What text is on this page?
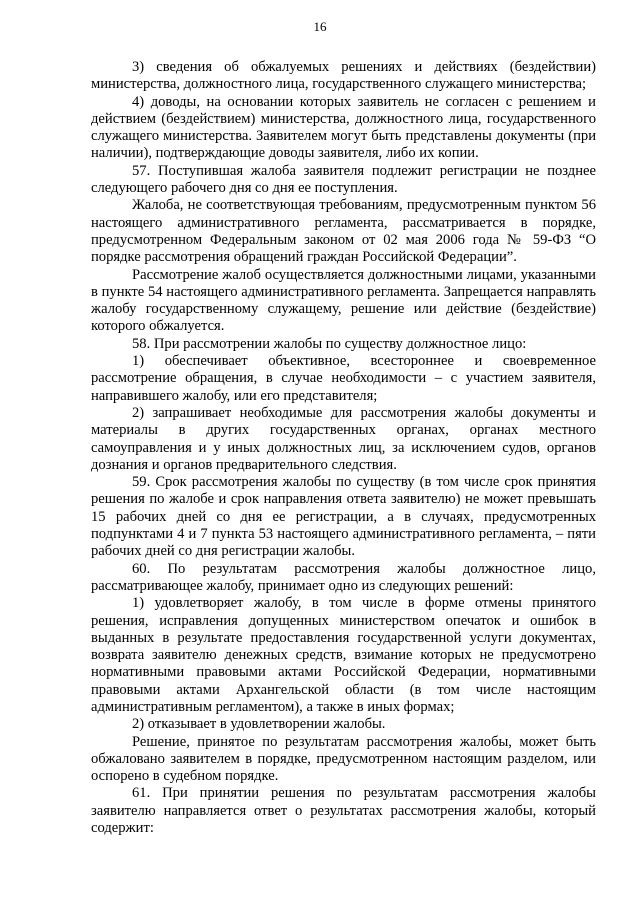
16

3) сведения об обжалуемых решениях и действиях (бездействии) министерства, должностного лица, государственного служащего министерства;

4) доводы, на основании которых заявитель не согласен с решением и действием (бездействием) министерства, должностного лица, государственного служащего министерства. Заявителем могут быть представлены документы (при наличии), подтверждающие доводы заявителя, либо их копии.

57. Поступившая жалоба заявителя подлежит регистрации не позднее следующего рабочего дня со дня ее поступления.

Жалоба, не соответствующая требованиям, предусмотренным пунктом 56 настоящего административного регламента, рассматривается в порядке, предусмотренном Федеральным законом от 02 мая 2006 года № 59-ФЗ “О порядке рассмотрения обращений граждан Российской Федерации”.

Рассмотрение жалоб осуществляется должностными лицами, указанными в пункте 54 настоящего административного регламента. Запрещается направлять жалобу государственному служащему, решение или действие (бездействие) которого обжалуется.

58. При рассмотрении жалобы по существу должностное лицо:

1) обеспечивает объективное, всестороннее и своевременное рассмотрение обращения, в случае необходимости – с участием заявителя, направившего жалобу, или его представителя;

2) запрашивает необходимые для рассмотрения жалобы документы и материалы в других государственных органах, органах местного самоуправления и у иных должностных лиц, за исключением судов, органов дознания и органов предварительного следствия.

59. Срок рассмотрения жалобы по существу (в том числе срок принятия решения по жалобе и срок направления ответа заявителю) не может превышать 15 рабочих дней со дня ее регистрации, а в случаях, предусмотренных подпунктами 4 и 7 пункта 53 настоящего административного регламента, – пяти рабочих дней со дня регистрации жалобы.

60. По результатам рассмотрения жалобы должностное лицо, рассматривающее жалобу, принимает одно из следующих решений:

1) удовлетворяет жалобу, в том числе в форме отмены принятого решения, исправления допущенных министерством опечаток и ошибок в выданных в результате предоставления государственной услуги документах, возврата заявителю денежных средств, взимание которых не предусмотрено нормативными правовыми актами Российской Федерации, нормативными правовыми актами Архангельской области (в том числе настоящим административным регламентом), а также в иных формах;

2) отказывает в удовлетворении жалобы.

Решение, принятое по результатам рассмотрения жалобы, может быть обжаловано заявителем в порядке, предусмотренном настоящим разделом, или оспорено в судебном порядке.

61. При принятии решения по результатам рассмотрения жалобы заявителю направляется ответ о результатах рассмотрения жалобы, который содержит:
